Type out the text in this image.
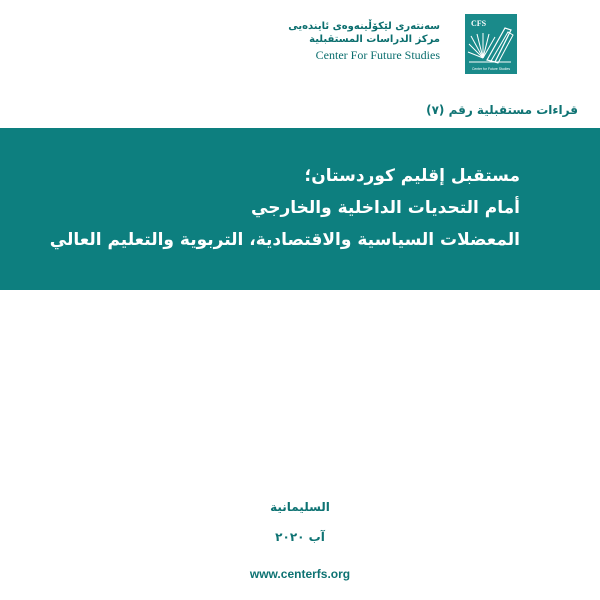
CFS
Center for Future Studies
سەنتەری لێکۆڵینەوەی ئایندەیی
مركز الدراسات المستقبلية
Center For Future Studies
قراءات مستقبلية رقم (٧)
مستقبل إقليم كوردستان؛
أمام التحديات الداخلية والخارجي
المعضلات السياسية والاقتصادية، التربوية والتعليم العالي
السليمانية
آب ٢٠٢٠
www.centerfs.org
